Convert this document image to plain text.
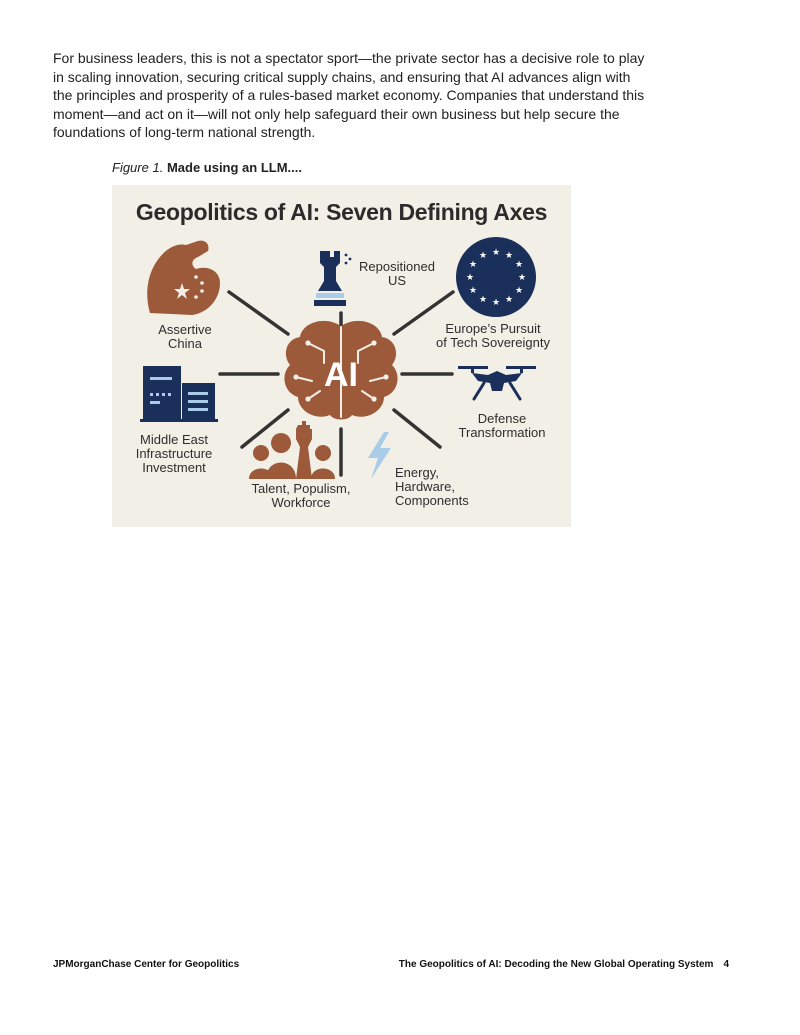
For business leaders, this is not a spectator sport—the private sector has a decisive role to play
in scaling innovation, securing critical supply chains, and ensuring that AI advances align with
the principles and prosperity of a rules-based market economy. Companies that understand this
moment—and act on it—will not only help safeguard their own business but help secure the
foundations of long-term national strength.
Figure 1. Made using an LLM....
AI
★ ★
★
★
★
★
★
★
★
★
★
★
Geopolitics of AI: Seven Defining Axes
Assertive
China
Repositioned
US
Europe’s Pursuit
of Tech Sovereignty
Middle East
Infrastructure
Investment
Defense
Transformation
Talent, Populism,
Workforce
Energy,
Hardware,
Components
JPMorganChase Center for Geopolitics	The Geopolitics of AI: Decoding the New Global Operating System 4
